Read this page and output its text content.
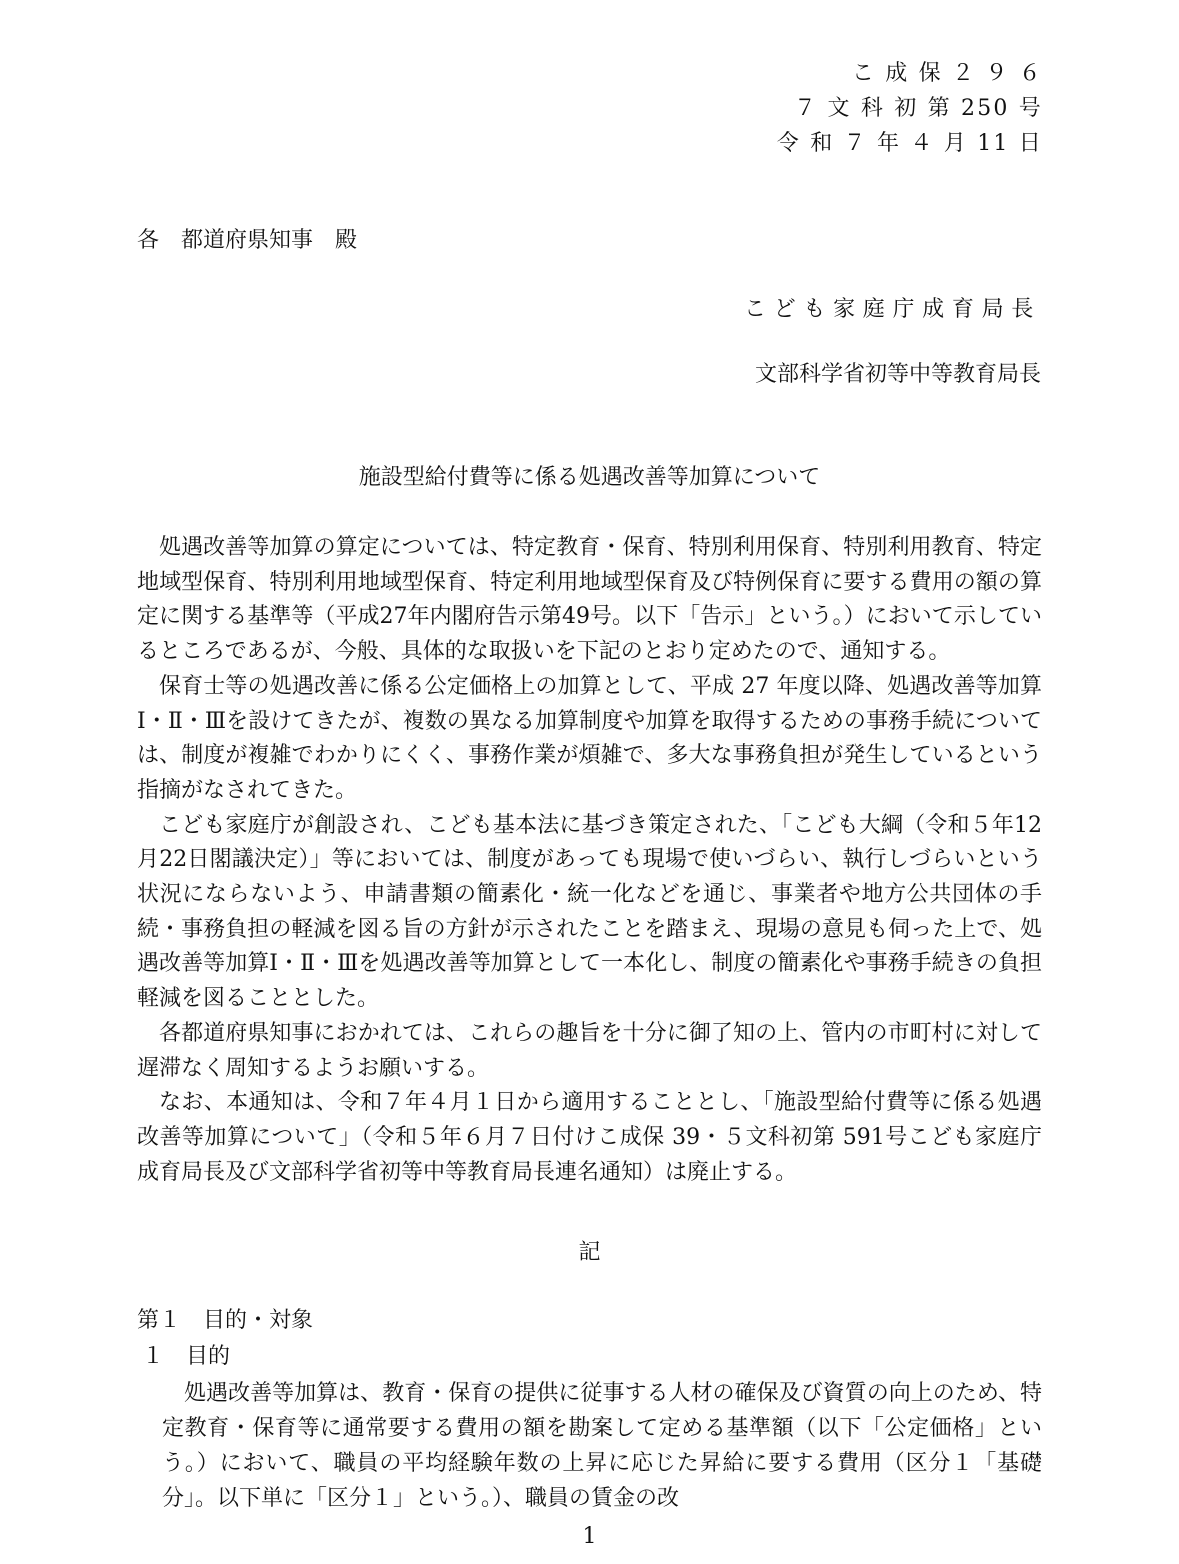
こ 成 保 ２ ９ ６
７ 文 科 初 第 250 号
令 和 ７ 年 ４ 月 11 日
各　都道府県知事　殿
こども家庭庁成育局長
文部科学省初等中等教育局長
施設型給付費等に係る処遇改善等加算について

処遇改善等加算の算定については、特定教育・保育、特別利用保育、特別利用教育、特定地域型保育、特別利用地域型保育、特定利用地域型保育及び特例保育に要する費用の額の算定に関する基準等（平成27年内閣府告示第49号。以下「告示」という。）において示しているところであるが、今般、具体的な取扱いを下記のとおり定めたので、通知する。

保育士等の処遇改善に係る公定価格上の加算として、平成 27 年度以降、処遇改善等加算Ⅰ・Ⅱ・Ⅲを設けてきたが、複数の異なる加算制度や加算を取得するための事務手続については、制度が複雑でわかりにくく、事務作業が煩雑で、多大な事務負担が発生しているという指摘がなされてきた。

こども家庭庁が創設され、こども基本法に基づき策定された、「こども大綱（令和５年12月22日閣議決定）」等においては、制度があっても現場で使いづらい、執行しづらいという状況にならないよう、申請書類の簡素化・統一化などを通じ、事業者や地方公共団体の手続・事務負担の軽減を図る旨の方針が示されたことを踏まえ、現場の意見も伺った上で、処遇改善等加算Ⅰ・Ⅱ・Ⅲを処遇改善等加算として一本化し、制度の簡素化や事務手続きの負担軽減を図ることとした。

各都道府県知事におかれては、これらの趣旨を十分に御了知の上、管内の市町村に対して遅滞なく周知するようお願いする。

なお、本通知は、令和７年４月１日から適用することとし、「施設型給付費等に係る処遇改善等加算について」（令和５年６月７日付けこ成保 39・５文科初第 591号こども家庭庁成育局長及び文部科学省初等中等教育局長連名通知）は廃止する。

記
第１　目的・対象
１　目的

処遇改善等加算は、教育・保育の提供に従事する人材の確保及び資質の向上のため、特定教育・保育等に通常要する費用の額を勘案して定める基準額（以下「公定価格」という。）において、職員の平均経験年数の上昇に応じた昇給に要する費用（区分１「基礎分」。以下単に「区分１」という。）、職員の賃金の改

1
